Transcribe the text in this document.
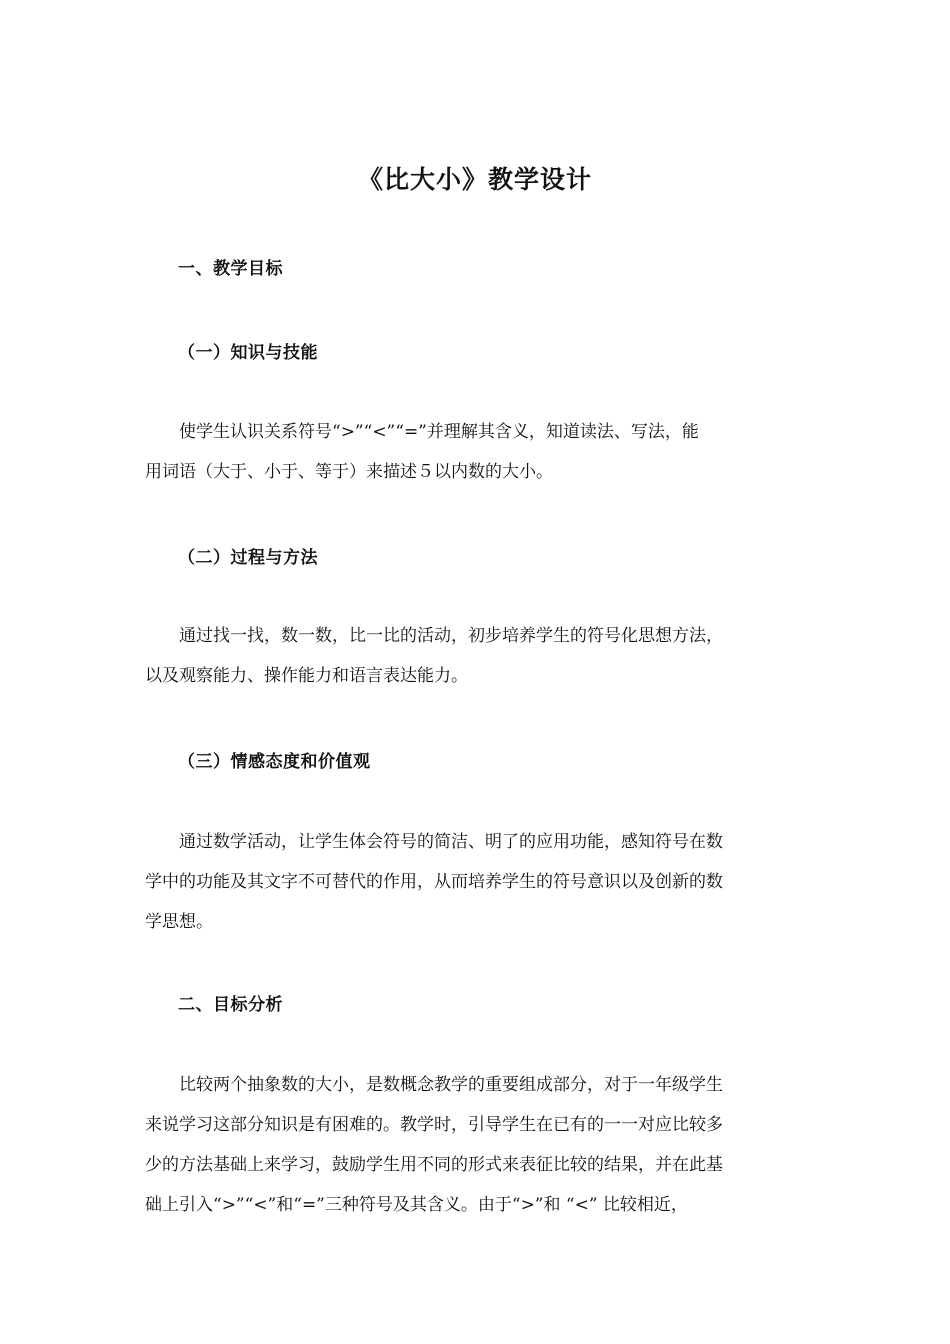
《比大小》教学设计
一、教学目标
（一）知识与技能
使学生认识关系符号“>”“<”“=”并理解其含义，知道读法、写法，能
用词语（大于、小于、等于）来描述５以内数的大小。
（二）过程与方法
通过找一找，数一数，比一比的活动，初步培养学生的符号化思想方法，
以及观察能力、操作能力和语言表达能力。
（三）情感态度和价值观
通过数学活动，让学生体会符号的简洁、明了的应用功能，感知符号在数
学中的功能及其文字不可替代的作用，从而培养学生的符号意识以及创新的数
学思想。
二、目标分析
比较两个抽象数的大小，是数概念教学的重要组成部分，对于一年级学生
来说学习这部分知识是有困难的。教学时，引导学生在已有的一一对应比较多
少的方法基础上来学习，鼓励学生用不同的形式来表征比较的结果，并在此基
础上引入“>”“<”和“=”三种符号及其含义。由于“>”和 “<” 比较相近，
